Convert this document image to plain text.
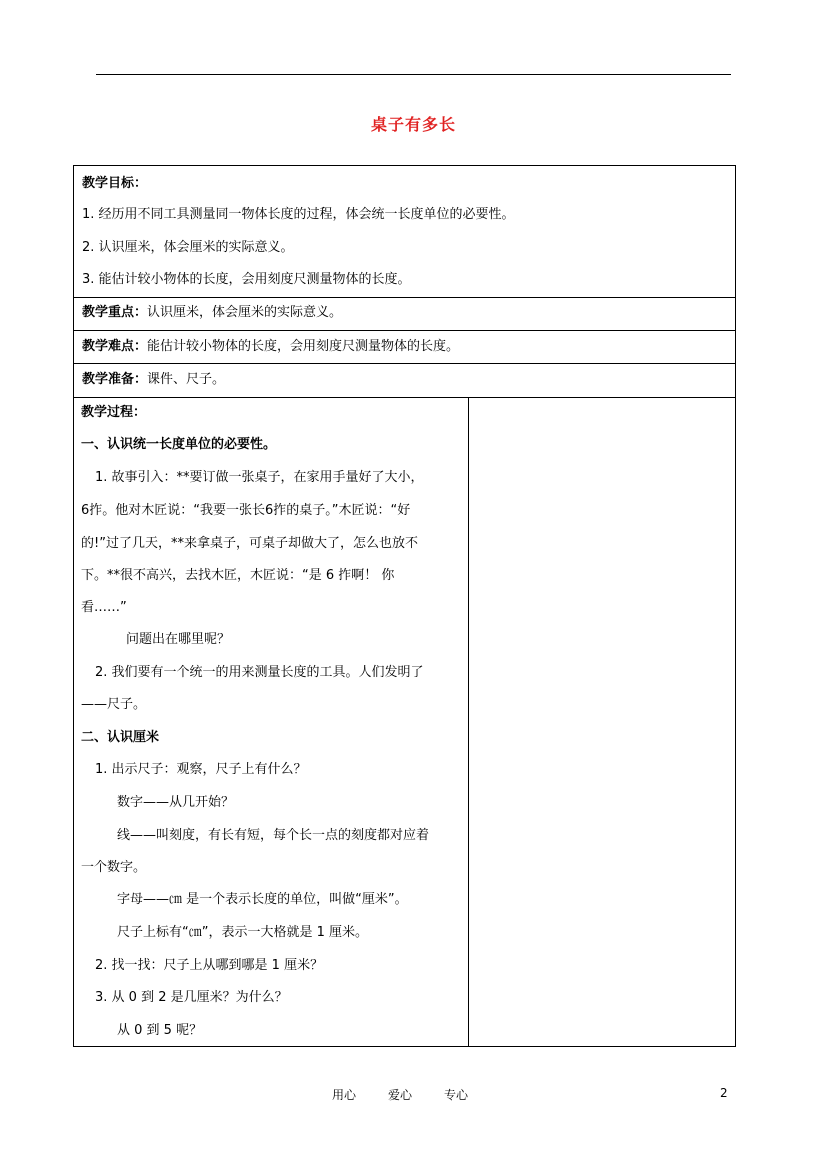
桌子有多长
教学目标：
1. 经历用不同工具测量同一物体长度的过程，体会统一长度单位的必要性。
2. 认识厘米，体会厘米的实际意义。
3. 能估计较小物体的长度，会用刻度尺测量物体的长度。
教学重点：认识厘米，体会厘米的实际意义。
教学难点：能估计较小物体的长度，会用刻度尺测量物体的长度。
教学准备：课件、尺子。
教学过程：
一、认识统一长度单位的必要性。
1. 故事引入：**要订做一张桌子，在家用手量好了大小，
6拃。他对木匠说：“我要一张长6拃的桌子。”木匠说：“好
的!”过了几天，**来拿桌子，可桌子却做大了，怎么也放不
下。**很不高兴，去找木匠，木匠说：“是 6 拃啊！ 你
看……”
问题出在哪里呢？
2. 我们要有一个统一的用来测量长度的工具。人们发明了
——尺子。
二、认识厘米
1. 出示尺子：观察，尺子上有什么？
数字——从几开始？
线——叫刻度，有长有短，每个长一点的刻度都对应着
一个数字。
字母——㎝ 是一个表示长度的单位，叫做“厘米”。
尺子上标有“㎝”，表示一大格就是 1 厘米。
2. 找一找：尺子上从哪到哪是 1 厘米？
3. 从 0 到 2 是几厘米？为什么？
从 0 到 5 呢？
用心	爱心	专心	2
